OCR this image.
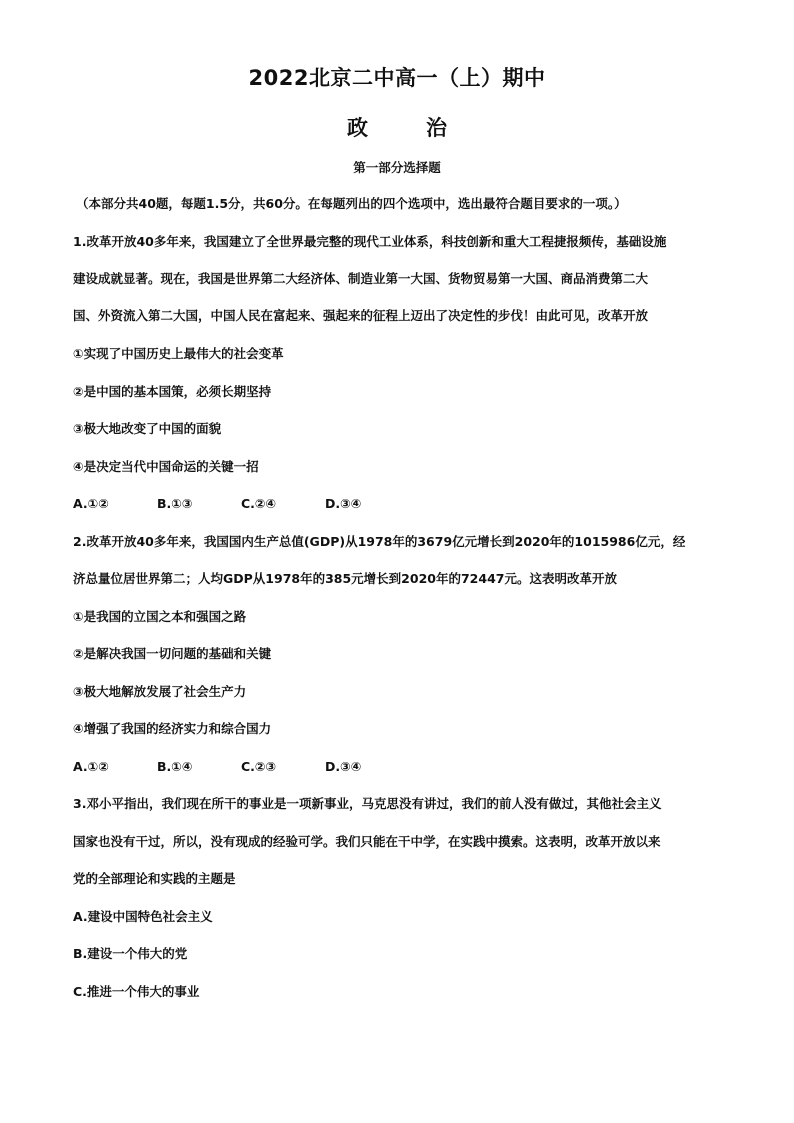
2022北京二中高一（上）期中
政	治
第一部分选择题
（本部分共40题，每题1.5分，共60分。在每题列出的四个选项中，选出最符合题目要求的一项。）
1.改革开放40多年来，我国建立了全世界最完整的现代工业体系，科技创新和重大工程捷报频传，基础设施
建设成就显著。现在，我国是世界第二大经济体、制造业第一大国、货物贸易第一大国、商品消费第二大
国、外资流入第二大国，中国人民在富起来、强起来的征程上迈出了决定性的步伐！由此可见，改革开放
①实现了中国历史上最伟大的社会变革
②是中国的基本国策，必须长期坚持
③极大地改变了中国的面貌
④是决定当代中国命运的关键一招
A.①②	B.①③	C.②④	D.③④
2.改革开放40多年来，我国国内生产总值(GDP)从1978年的3679亿元增长到2020年的1015986亿元，经
济总量位居世界第二；人均GDP从1978年的385元增长到2020年的72447元。这表明改革开放
①是我国的立国之本和强国之路
②是解决我国一切问题的基础和关键
③极大地解放发展了社会生产力
④增强了我国的经济实力和综合国力
A.①②	B.①④	C.②③	D.③④
3.邓小平指出，我们现在所干的事业是一项新事业，马克思没有讲过，我们的前人没有做过，其他社会主义
国家也没有干过，所以，没有现成的经验可学。我们只能在干中学，在实践中摸索。这表明，改革开放以来
党的全部理论和实践的主题是
A.建设中国特色社会主义
B.建设一个伟大的党
C.推进一个伟大的事业
